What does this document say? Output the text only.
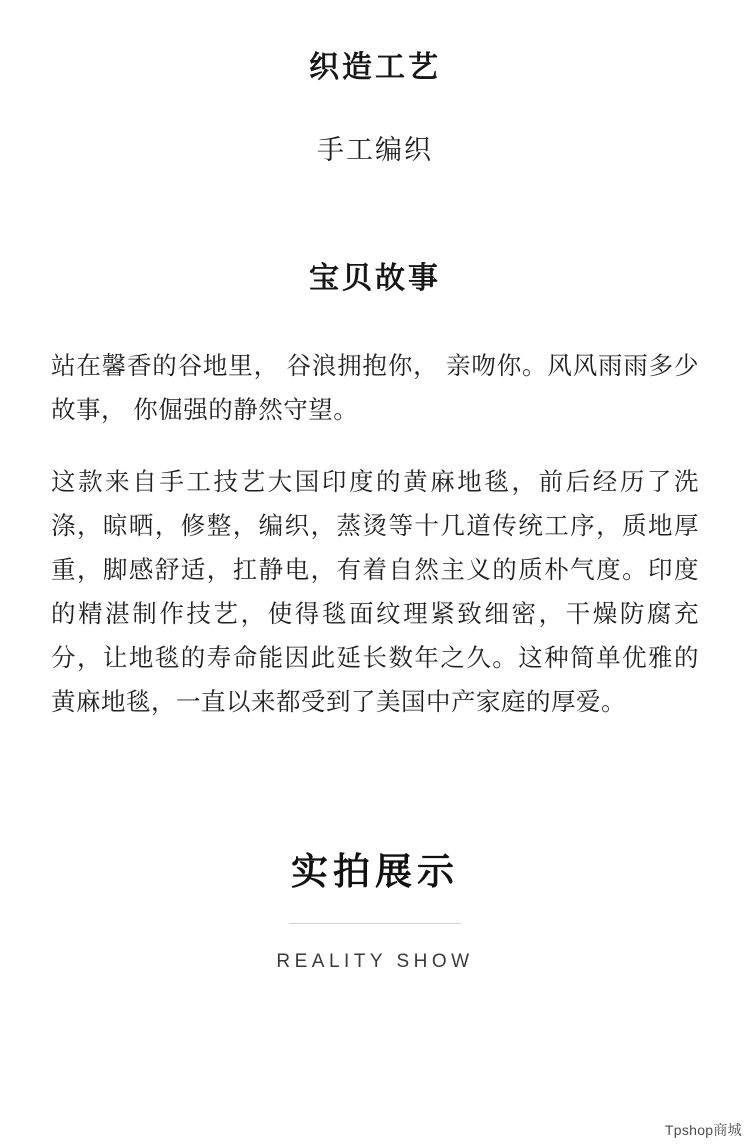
织造工艺
手工编织
宝贝故事

站在馨香的谷地里， 谷浪拥抱你， 亲吻你。风风雨雨多少故事， 你倔强的静然守望。

这款来自手工技艺大国印度的黄麻地毯，前后经历了洗涤，晾晒，修整，编织，蒸烫等十几道传统工序，质地厚重，脚感舒适，扛静电，有着自然主义的质朴气度。印度的精湛制作技艺，使得毯面纹理紧致细密，干燥防腐充分，让地毯的寿命能因此延长数年之久。这种简单优雅的黄麻地毯，一直以来都受到了美国中产家庭的厚爱。

实拍展示
REALITY SHOW
Tpshop商城
